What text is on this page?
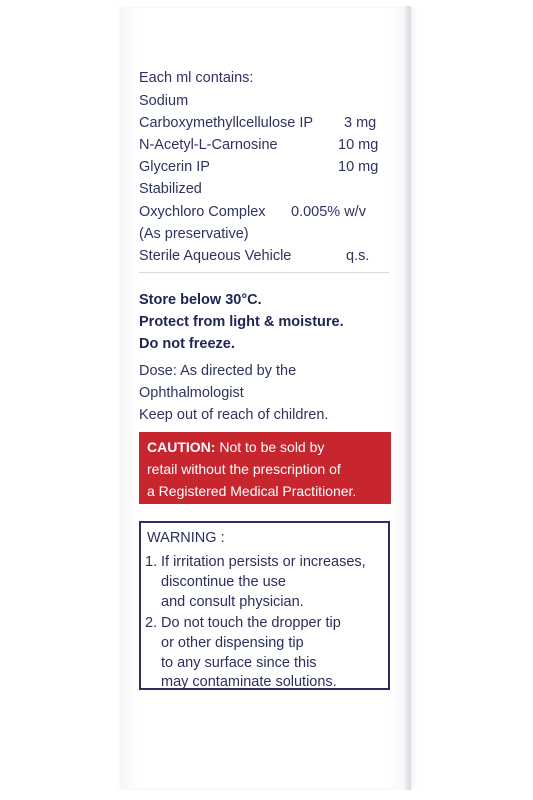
Each ml contains:
Sodium
Carboxymethyllcellulose IP 3 mg
N-Acetyl-L-Carnosine	10 mg
Glycerin IP	10 mg
Stabilized
Oxychloro Complex 0.005% w/v
(As preservative)
Sterile Aqueous Vehicle	q.s.
Store below 30°C.
Protect from light & moisture.
Do not freeze.
Dose: As directed by the
Ophthalmologist
Keep out of reach of children.
CAUTION: Not to be sold by
retail without the prescription of
a Registered Medical Practitioner.
WARNING :
1. If irritation persists or increases,
discontinue the use
and consult physician.
2. Do not touch the dropper tip
or other dispensing tip
to any surface since this
may contaminate solutions.
